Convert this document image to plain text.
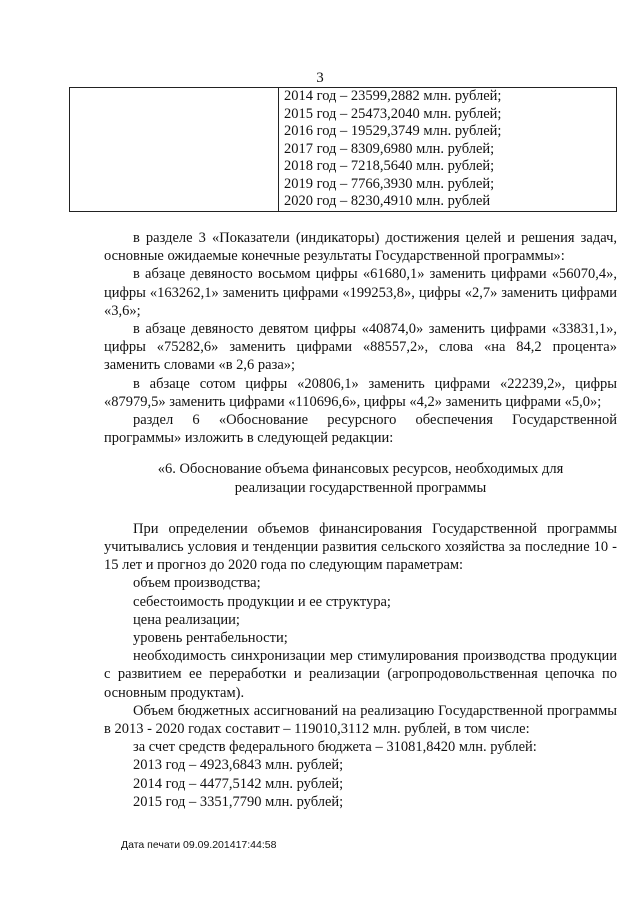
3

2014 год – 23599,2882 млн. рублей;
2015 год – 25473,2040 млн. рублей;
2016 год – 19529,3749 млн. рублей;
2017 год – 8309,6980 млн. рублей;
2018 год – 7218,5640 млн. рублей;
2019 год – 7766,3930 млн. рублей;
2020 год – 8230,4910 млн. рублей

в разделе 3 «Показатели (индикаторы) достижения целей и решения задач, основные ожидаемые конечные результаты Государственной программы»:

в абзаце девяносто восьмом цифры «61680,1» заменить цифрами «56070,4», цифры «163262,1» заменить цифрами «199253,8», цифры «2,7» заменить цифрами «3,6»;

в абзаце девяносто девятом цифры «40874,0» заменить цифрами «33831,1», цифры «75282,6» заменить цифрами «88557,2», слова «на 84,2 процента» заменить словами «в 2,6 раза»;

в абзаце сотом цифры «20806,1» заменить цифрами «22239,2», цифры «87979,5» заменить цифрами «110696,6», цифры «4,2» заменить цифрами «5,0»;

раздел 6 «Обоснование ресурсного обеспечения Государственной программы» изложить в следующей редакции:

«6. Обоснование объема финансовых ресурсов, необходимых для
реализации государственной программы

При определении объемов финансирования Государственной программы учитывались условия и тенденции развития сельского хозяйства за последние 10 - 15 лет и прогноз до 2020 года по следующим параметрам:

объем производства;
себестоимость продукции и ее структура;
цена реализации;
уровень рентабельности;

необходимость синхронизации мер стимулирования производства продукции с развитием ее переработки и реализации (агропродовольственная цепочка по основным продуктам).

Объем бюджетных ассигнований на реализацию Государственной программы в 2013 - 2020 годах составит – 119010,3112 млн. рублей, в том числе:

за счет средств федерального бюджета – 31081,8420 млн. рублей:
2013 год – 4923,6843 млн. рублей;
2014 год – 4477,5142 млн. рублей;
2015 год – 3351,7790 млн. рублей;
Дата печати 09.09.201417:44:58
